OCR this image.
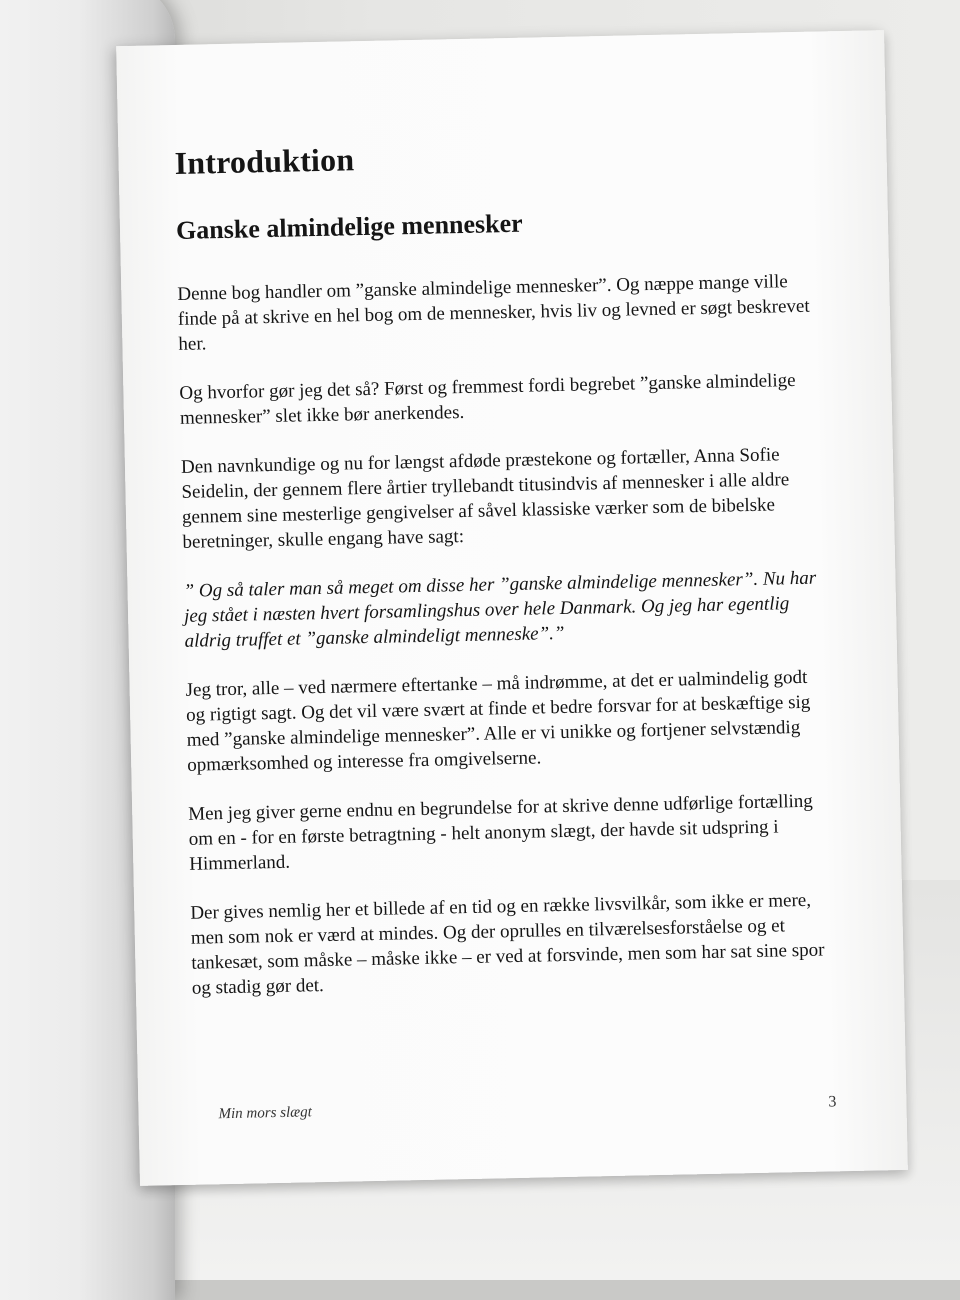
Introduktion
Ganske almindelige mennesker

Denne bog handler om ”ganske almindelige mennesker”. Og næppe mange ville finde på at skrive en hel bog om de mennesker, hvis liv og levned er søgt beskrevet her.

Og hvorfor gør jeg det så? Først og fremmest fordi begrebet ”ganske almindelige mennesker” slet ikke bør anerkendes.

Den navnkundige og nu for længst afdøde præstekone og fortæller, Anna Sofie Seidelin, der gennem flere årtier tryllebandt titusindvis af mennesker i alle aldre gennem sine mesterlige gengivelser af såvel klassiske værker som de bibelske beretninger, skulle engang have sagt:

” Og så taler man så meget om disse her ”ganske almindelige mennesker”. Nu har jeg stået i næsten hvert forsamlingshus over hele Danmark. Og jeg har egentlig aldrig truffet et ”ganske almindeligt menneske”.”

Jeg tror, alle – ved nærmere eftertanke – må indrømme, at det er ualmindelig godt og rigtigt sagt. Og det vil være svært at finde et bedre forsvar for at beskæftige sig med ”ganske almindelige mennesker”. Alle er vi unikke og fortjener selvstændig opmærksomhed og interesse fra omgivelserne.

Men jeg giver gerne endnu en begrundelse for at skrive denne udførlige fortælling om en - for en første betragtning - helt anonym slægt, der havde sit udspring i Himmerland.

Der gives nemlig her et billede af en tid og en række livsvilkår, som ikke er mere, men som nok er værd at mindes. Og der oprulles en tilværelsesforståelse og et tankesæt, som måske – måske ikke – er ved at forsvinde, men som har sat sine spor og stadig gør det.

Min mors slægt
3
